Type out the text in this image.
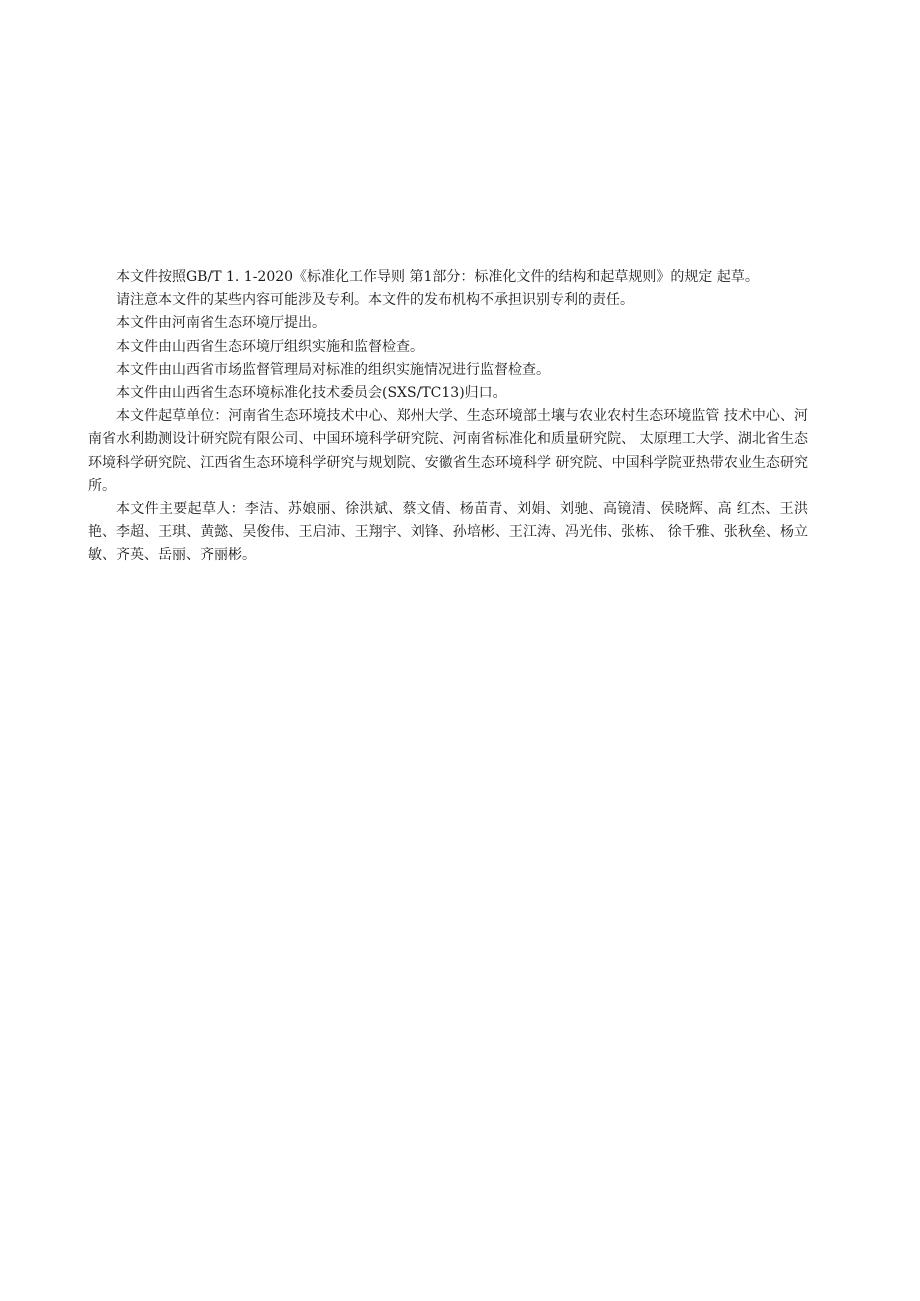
本文件按照GB/T 1. 1-2020《标准化工作导则 第1部分：标准化文件的结构和起草规则》的规定 起草。

请注意本文件的某些内容可能涉及专利。本文件的发布机构不承担识别专利的责任。

本文件由河南省生态环境厅提出。

本文件由山西省生态环境厅组织实施和监督检查。

本文件由山西省市场监督管理局对标准的组织实施情况进行监督检查。

本文件由山西省生态环境标准化技术委员会(SXS/TC13)归口。

本文件起草单位：河南省生态环境技术中心、郑州大学、生态环境部土壤与农业农村生态环境监管 技术中心、河南省水利勘测设计研究院有限公司、中国环境科学研究院、河南省标准化和质量研究院、 太原理工大学、湖北省生态环境科学研究院、江西省生态环境科学研究与规划院、安徽省生态环境科学 研究院、中国科学院亚热带农业生态研究所。

本文件主要起草人：李洁、苏娘丽、徐洪斌、蔡文倩、杨苗青、刘娟、刘驰、高镜清、侯晓辉、高 红杰、王洪艳、李超、王琪、黄懿、吴俊伟、王启沛、王翔宇、刘锋、孙培彬、王江涛、冯光伟、张栋、 徐千雅、张秋垒、杨立敏、齐英、岳丽、齐丽彬。
